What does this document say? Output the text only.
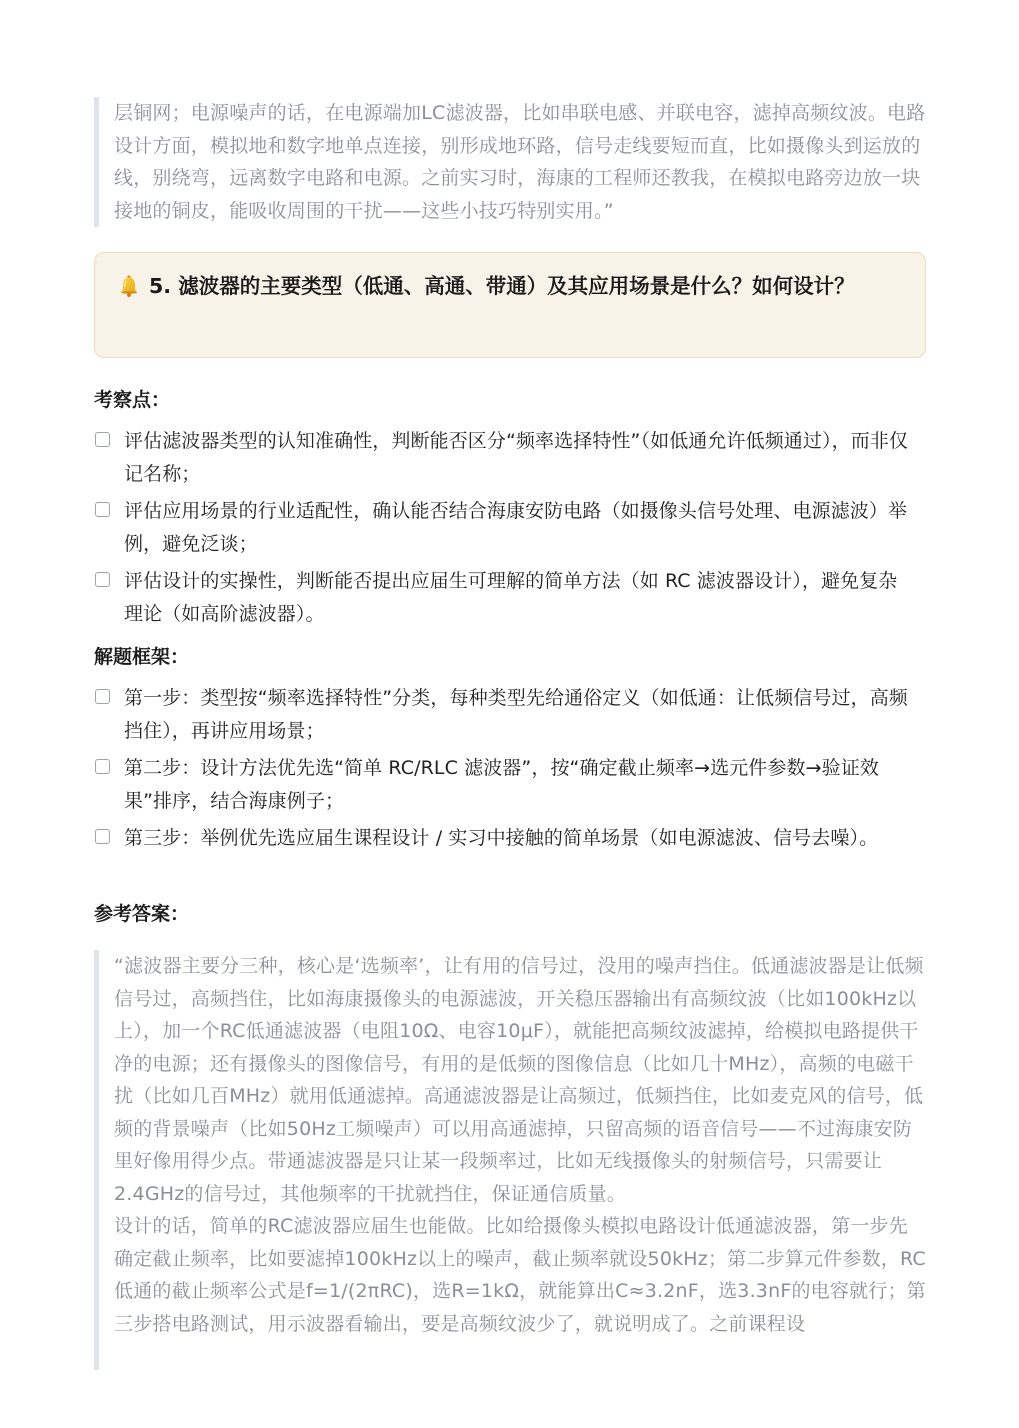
层铜网；电源噪声的话，在电源端加LC滤波器，比如串联电感、并联电容，滤掉高频纹波。电路设计方面，模拟地和数字地单点连接，别形成地环路，信号走线要短而直，比如摄像头到运放的线，别绕弯，远离数字电路和电源。之前实习时，海康的工程师还教我，在模拟电路旁边放一块接地的铜皮，能吸收周围的干扰——这些小技巧特别实用。”

5. 滤波器的主要类型（低通、高通、带通）及其应用场景是什么？如何设计？
考察点：
评估滤波器类型的认知准确性，判断能否区分“频率选择特性”（如低通允许低频通过），而非仅记名称；
评估应用场景的行业适配性，确认能否结合海康安防电路（如摄像头信号处理、电源滤波）举例，避免泛谈；
评估设计的实操性，判断能否提出应届生可理解的简单方法（如 RC 滤波器设计），避免复杂理论（如高阶滤波器）。
解题框架：
第一步：类型按“频率选择特性”分类，每种类型先给通俗定义（如低通：让低频信号过，高频挡住），再讲应用场景；
第二步：设计方法优先选“简单 RC/RLC 滤波器”，按“确定截止频率→选元件参数→验证效果”排序，结合海康例子；
第三步：举例优先选应届生课程设计 / 实习中接触的简单场景（如电源滤波、信号去噪）。
参考答案：

“滤波器主要分三种，核心是‘选频率’，让有用的信号过，没用的噪声挡住。低通滤波器是让低频信号过，高频挡住，比如海康摄像头的电源滤波，开关稳压器输出有高频纹波（比如100kHz以上），加一个RC低通滤波器（电阻10Ω、电容10μF），就能把高频纹波滤掉，给模拟电路提供干净的电源；还有摄像头的图像信号，有用的是低频的图像信息（比如几十MHz），高频的电磁干扰（比如几百MHz）就用低通滤掉。高通滤波器是让高频过，低频挡住，比如麦克风的信号，低频的背景噪声（比如50Hz工频噪声）可以用高通滤掉，只留高频的语音信号——不过海康安防里好像用得少点。带通滤波器是只让某一段频率过，比如无线摄像头的射频信号，只需要让2.4GHz的信号过，其他频率的干扰就挡住，保证通信质量。

设计的话，简单的RC滤波器应届生也能做。比如给摄像头模拟电路设计低通滤波器，第一步先确定截止频率，比如要滤掉100kHz以上的噪声，截止频率就设50kHz；第二步算元件参数，RC低通的截止频率公式是f=1/(2πRC)，选R=1kΩ，就能算出C≈3.2nF，选3.3nF的电容就行；第三步搭电路测试，用示波器看输出，要是高频纹波少了，就说明成了。之前课程设
